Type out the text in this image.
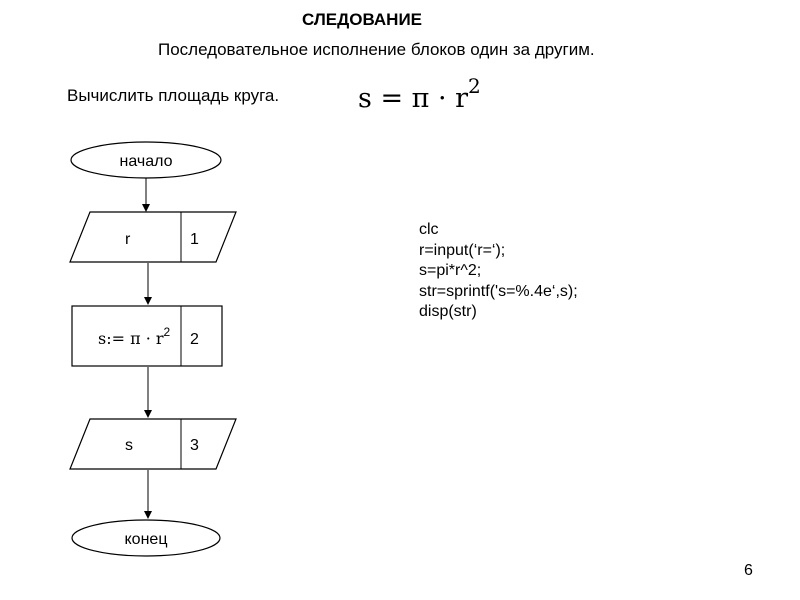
СЛЕДОВАНИЕ
Последовательное исполнение блоков один за другим.
Вычислить площадь круга.	$s = \pi \cdot r^2$
начало
r	1
s:= $\pi \cdot r^2$ 2
s	3
конец
clc
r=input(‘r=‘);
s=pi*r^2;
str=sprintf('s=%.4e‘,s);
disp(str)
6
